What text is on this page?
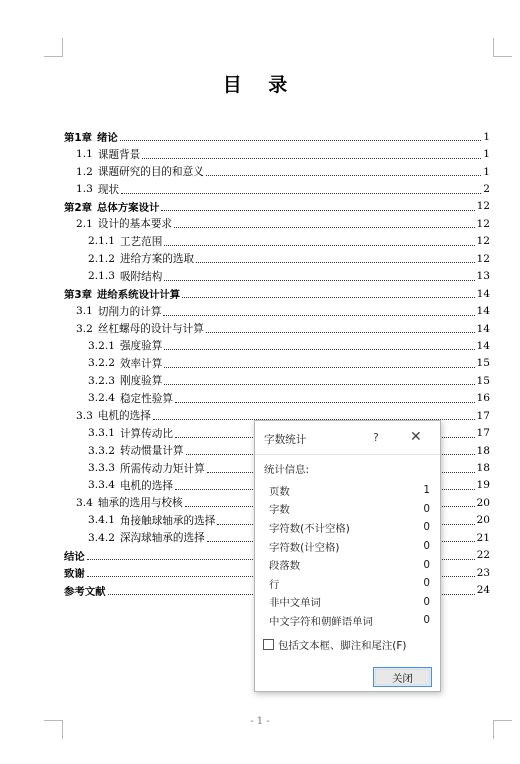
目 录
第1章 绪论	1
1.1 课题背景	1
1.2 课题研究的目的和意义	1
1.3 现状	2
第2章 总体方案设计	12
2.1 设计的基本要求	12
2.1.1 工艺范围	12
2.1.2 进给方案的选取	12
2.1.3 吸附结构	13
第3章 进给系统设计计算	14
3.1 切削力的计算	14
3.2 丝杠螺母的设计与计算	14
3.2.1 强度验算	14
3.2.2 效率计算	15
3.2.3 刚度验算	15
3.2.4 稳定性验算	16
3.3 电机的选择	17
3.3.1 计算传动比	17
3.3.2 转动惯量计算	18
3.3.3 所需传动力矩计算	18
3.3.4 电机的选择	19
3.4 轴承的选用与校核	20
3.4.1 角接触球轴承的选择	20
3.4.2 深沟球轴承的选择	21
结论	22
致谢	23
参考文献	24
- 1 -
字数统计	? ✕
统计信息:
页数	1
字数	0
字符数(不计空格)	0
字符数(计空格)	0
段落数	0
行	0
非中文单词	0
中文字符和朝鲜语单词	0
包括文本框、脚注和尾注(F)
关闭
